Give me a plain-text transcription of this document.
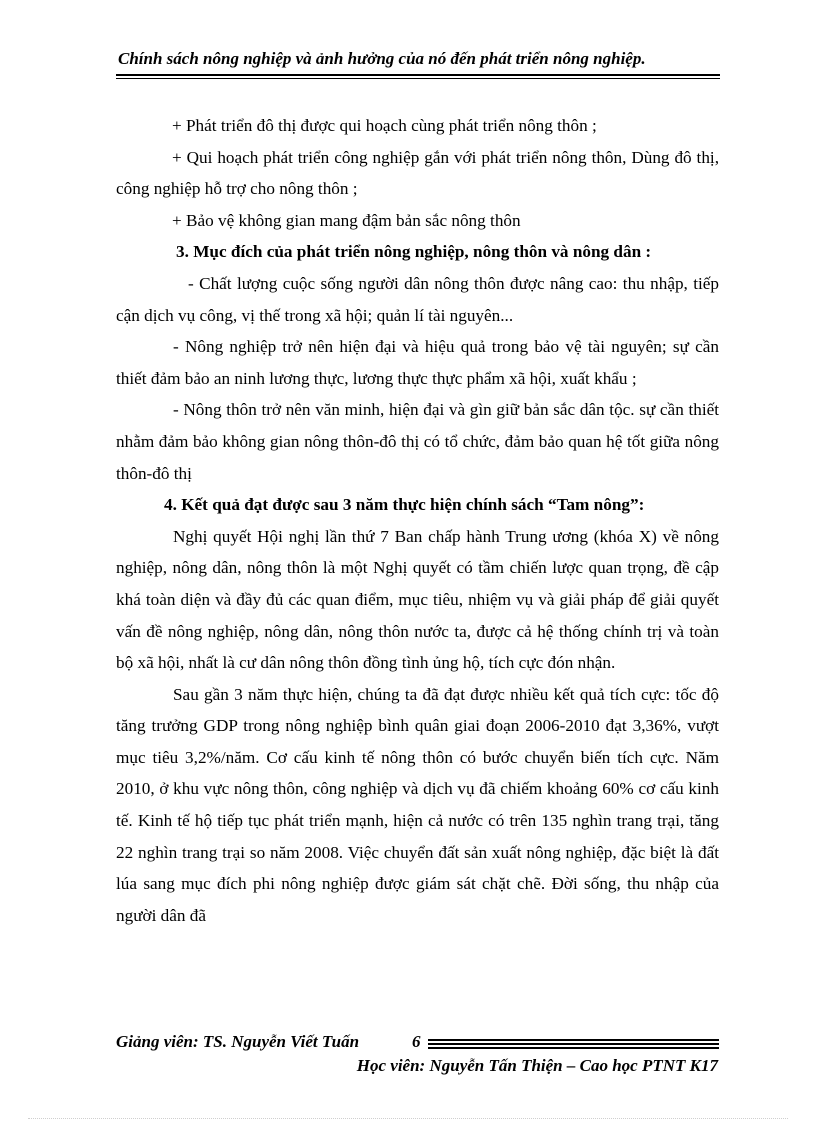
Chính sách nông nghiệp và ảnh hưởng của nó đến phát triển nông nghiệp.

+ Phát triển đô thị được qui hoạch cùng phát triển nông thôn ;

+ Qui hoạch phát triển công nghiệp gắn với phát triển nông thôn, Dùng đô thị, công nghiệp hỗ trợ cho nông thôn ;

+ Bảo vệ không gian mang đậm bản sắc nông thôn

3. Mục đích của phát triển nông nghiệp, nông thôn và nông dân :

- Chất lượng cuộc sống người dân nông thôn được nâng cao: thu nhập, tiếp cận dịch vụ công, vị thế trong xã hội; quản lí tài nguyên...

- Nông nghiệp trở nên hiện đại và hiệu quả trong bảo vệ tài nguyên; sự cần thiết đảm bảo an ninh lương thực, lương thực thực phẩm xã hội, xuất khẩu ;

- Nông thôn trở nên văn minh, hiện đại và gìn giữ bản sắc dân tộc. sự cần thiết nhằm đảm bảo không gian nông thôn-đô thị có tổ chức, đảm bảo quan hệ tốt giữa nông thôn-đô thị

4. Kết quả đạt được sau 3 năm thực hiện chính sách “Tam nông”:

Nghị quyết Hội nghị lần thứ 7 Ban chấp hành Trung ương (khóa X) về nông nghiệp, nông dân, nông thôn là một Nghị quyết có tầm chiến lược quan trọng, đề cập khá toàn diện và đầy đủ các quan điểm, mục tiêu, nhiệm vụ và giải pháp để giải quyết vấn đề nông nghiệp, nông dân, nông thôn nước ta, được cả hệ thống chính trị và toàn bộ xã hội, nhất là cư dân nông thôn đồng tình ủng hộ, tích cực đón nhận.

Sau gần 3 năm thực hiện, chúng ta đã đạt được nhiều kết quả tích cực: tốc độ tăng trưởng GDP trong nông nghiệp bình quân giai đoạn 2006-2010 đạt 3,36%, vượt mục tiêu 3,2%/năm. Cơ cấu kinh tế nông thôn có bước chuyển biến tích cực. Năm 2010, ở khu vực nông thôn, công nghiệp và dịch vụ đã chiếm khoảng 60% cơ cấu kinh tế. Kinh tế hộ tiếp tục phát triển mạnh, hiện cả nước có trên 135 nghìn trang trại, tăng 22 nghìn trang trại so năm 2008. Việc chuyển đất sản xuất nông nghiệp, đặc biệt là đất lúa sang mục đích phi nông nghiệp được giám sát chặt chẽ. Đời sống, thu nhập của người dân đã

Giảng viên: TS. Nguyễn Viết Tuấn	6
Học viên: Nguyễn Tấn Thiện – Cao học PTNT K17
